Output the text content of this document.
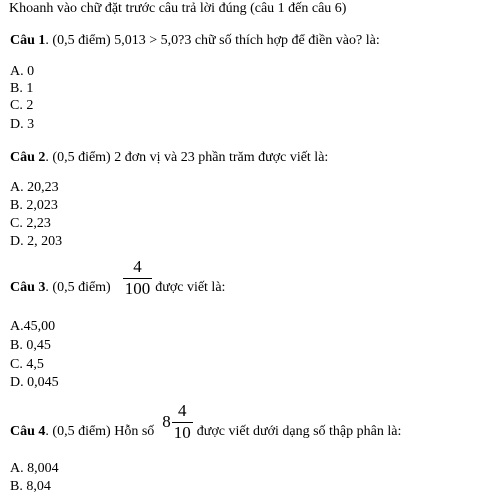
Khoanh vào chữ đặt trước câu trả lời đúng (câu 1 đến câu 6)
Câu 1. (0,5 điểm) 5,013 > 5,0?3 chữ số thích hợp để điền vào? là:
A. 0
B. 1
C. 2
D. 3
Câu 2. (0,5 điểm) 2 đơn vị và 23 phần trăm được viết là:
A. 20,23
B. 2,023
C. 2,23
D. 2, 203
Câu 3. (0,5 điểm) $\frac{4}{100}$ được viết là:
A.45,00
B. 0,45
C. 4,5
D. 0,045
Câu 4. (0,5 điểm) Hỗn số
$8 \frac{4}{10}$ được viết dưới dạng số thập phân là:
A. 8,004
B. 8,04
